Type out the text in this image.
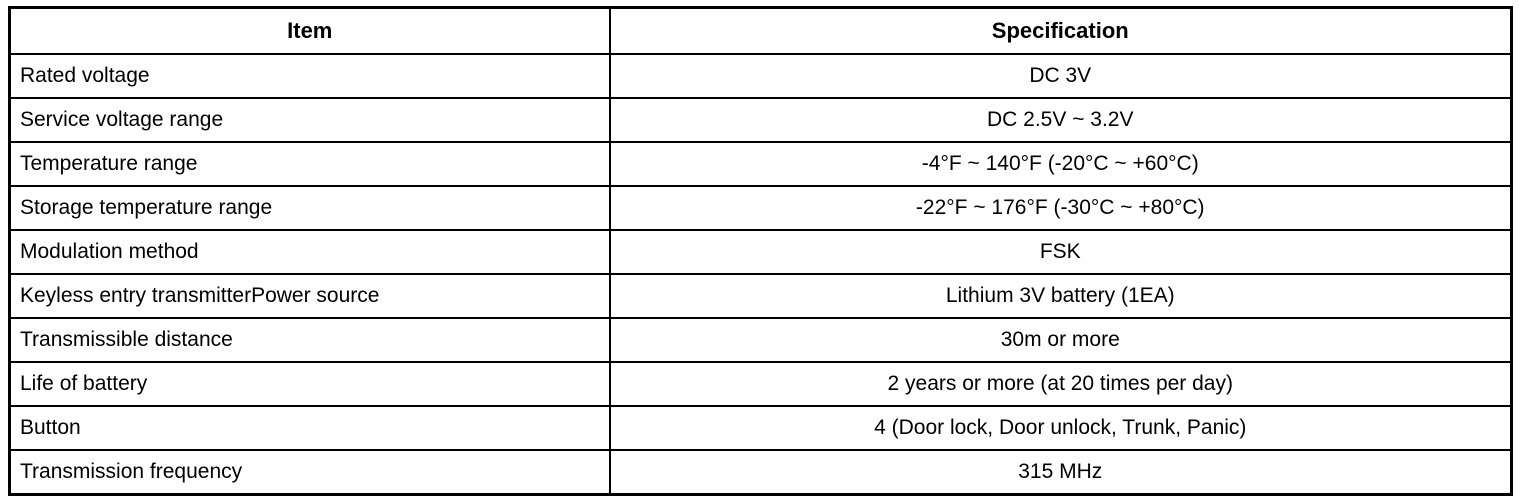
Item	Specification
Rated voltage	DC 3V
Service voltage range	DC 2.5V ~ 3.2V
Temperature range	-4°F ~ 140°F (-20°C ~ +60°C)
Storage temperature range	-22°F ~ 176°F (-30°C ~ +80°C)
Modulation method	FSK
Keyless entry transmitterPower source	Lithium 3V battery (1EA)
Transmissible distance	30m or more
Life of battery	2 years or more (at 20 times per day)
Button	4 (Door lock, Door unlock, Trunk, Panic)
Transmission frequency	315 MHz
